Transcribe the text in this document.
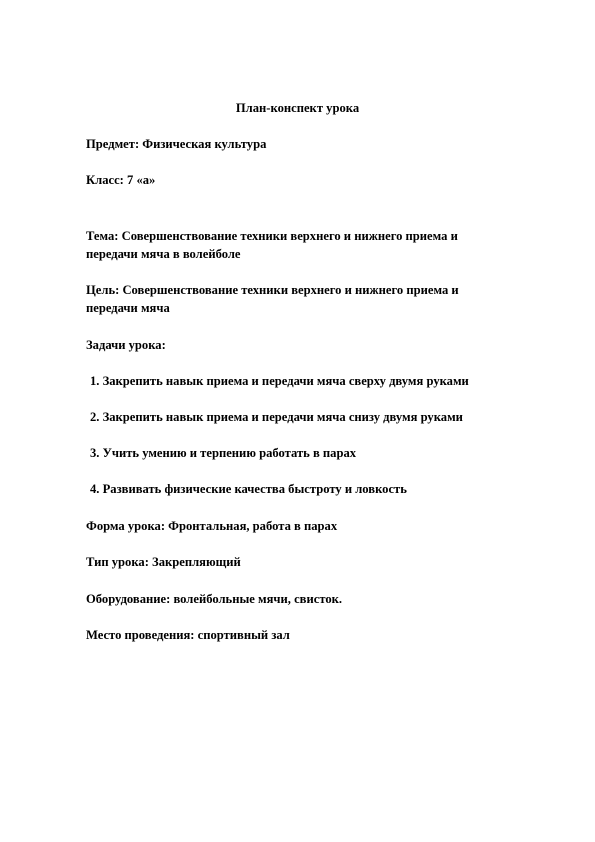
План-конспект урока
Предмет: Физическая культура
Класс: 7 «а»
Тема: Совершенствование техники верхнего и нижнего приема и
передачи мяча в волейболе
Цель: Совершенствование техники верхнего и нижнего приема и
передачи мяча
Задачи урока:
1. Закрепить навык приема и передачи мяча сверху двумя руками
2. Закрепить навык приема и передачи мяча снизу двумя руками
3. Учить умению и терпению работать в парах
4. Развивать физические качества быстроту и ловкость
Форма урока: Фронтальная, работа в парах
Тип урока: Закрепляющий
Оборудование: волейбольные мячи, свисток.
Место проведения: спортивный зал
